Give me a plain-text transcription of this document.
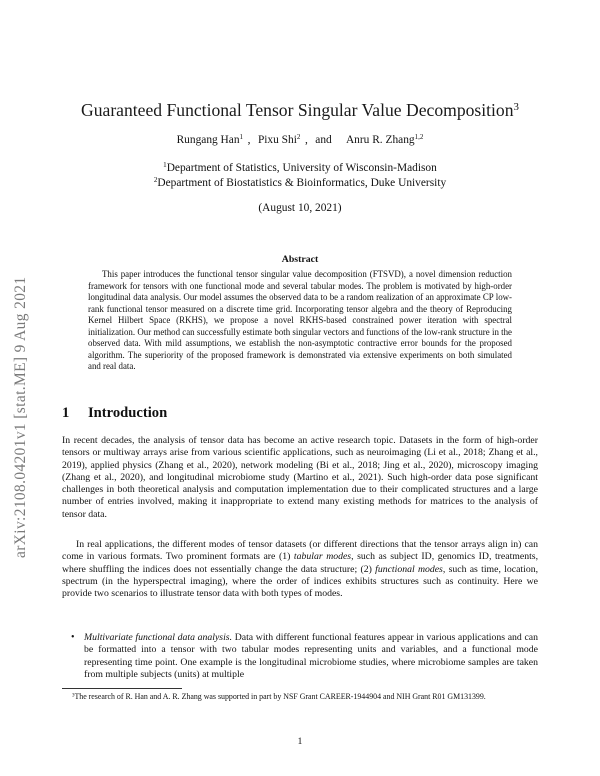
arXiv:2108.04201v1 [stat.ME] 9 Aug 2021
Guaranteed Functional Tensor Singular Value Decomposition$^3$
Rungang Han$^1$ , Pixu Shi$^2$ , and Anru R. Zhang$^{1,2}$
$^1$Department of Statistics, University of Wisconsin-Madison
$^2$Department of Biostatistics & Bioinformatics, Duke University
(August 10, 2021)
Abstract
This paper introduces the functional tensor singular value decomposition (FTSVD), a novel dimension reduction framework for tensors with one functional mode and several tabular modes. The problem is motivated by high-order longitudinal data analysis. Our model assumes the observed data to be a random realization of an approximate CP low-rank functional tensor measured on a discrete time grid. Incorporating tensor algebra and the theory of Reproducing Kernel Hilbert Space (RKHS), we propose a novel RKHS-based constrained power iteration with spectral initialization. Our method can successfully estimate both singular vectors and functions of the low-rank structure in the observed data. With mild assumptions, we establish the non-asymptotic contractive error bounds for the proposed algorithm. The superiority of the proposed framework is demonstrated via extensive experiments on both simulated and real data.
1 Introduction
In recent decades, the analysis of tensor data has become an active research topic. Datasets in the form of high-order tensors or multiway arrays arise from various scientific applications, such as neuroimaging (Li et al., 2018; Zhang et al., 2019), applied physics (Zhang et al., 2020), network modeling (Bi et al., 2018; Jing et al., 2020), microscopy imaging (Zhang et al., 2020), and longitudinal microbiome study (Martino et al., 2021). Such high-order data pose significant challenges in both theoretical analysis and computation implementation due to their complicated structures and a large number of entries involved, making it inappropriate to extend many existing methods for matrices to the analysis of tensor data.
In real applications, the different modes of tensor datasets (or different directions that the tensor arrays align in) can come in various formats. Two prominent formats are (1) tabular modes, such as subject ID, genomics ID, treatments, where shuffling the indices does not essentially change the data structure; (2) functional modes, such as time, location, spectrum (in the hyperspectral imaging), where the order of indices exhibits structures such as continuity. Here we provide two scenarios to illustrate tensor data with both types of modes.
• Multivariate functional data analysis. Data with different functional features appear in various applications and can be formatted into a tensor with two tabular modes representing units and variables, and a functional mode representing time point. One example is the longitudinal microbiome studies, where microbiome samples are taken from multiple subjects (units) at multiple
$^3$The research of R. Han and A. R. Zhang was supported in part by NSF Grant CAREER-1944904 and NIH Grant R01 GM131399.
1
